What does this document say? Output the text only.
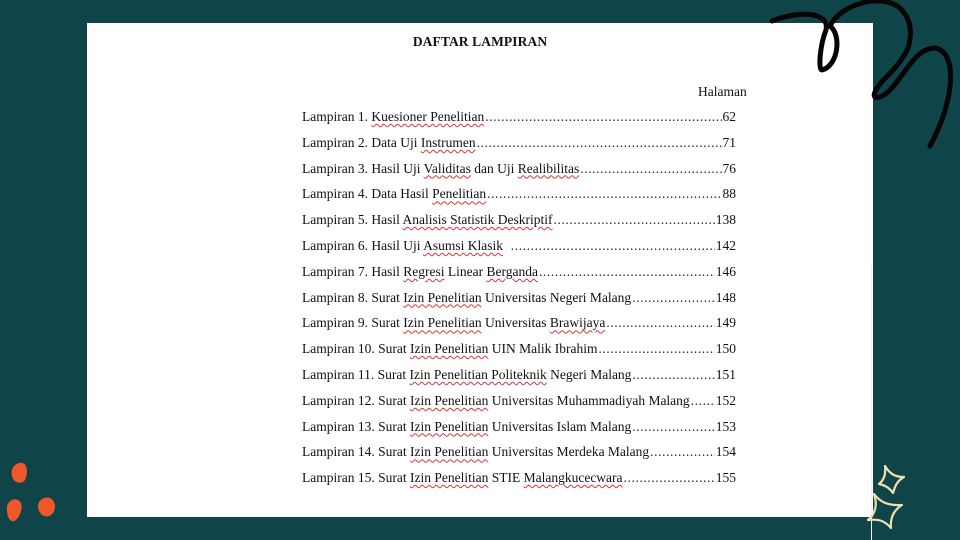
DAFTAR LAMPIRAN
Halaman
Lampiran 1. Kuesioner Penelitian .....	62
Lampiran 2. Data Uji Instrumen .....	71
Lampiran 3. Hasil Uji Validitas dan Uji Realibilitas .....	76
Lampiran 4. Data Hasil Penelitian .....	88
Lampiran 5. Hasil Analisis Statistik Deskriptif .....	138
Lampiran 6. Hasil Uji Asumsi Klasik .....	142
Lampiran 7. Hasil Regresi Linear Berganda .....	146
Lampiran 8. Surat Izin Penelitian Universitas Negeri Malang .....	148
Lampiran 9. Surat Izin Penelitian Universitas Brawijaya .....	149
Lampiran 10. Surat Izin Penelitian UIN Malik Ibrahim .....	150
Lampiran 11. Surat Izin Penelitian Politeknik Negeri Malang .....	151
Lampiran 12. Surat Izin Penelitian Universitas Muhammadiyah Malang ..... 152
Lampiran 13. Surat Izin Penelitian Universitas Islam Malang .....	153
Lampiran 14. Surat Izin Penelitian Universitas Merdeka Malang .....	154
Lampiran 15. Surat Izin Penelitian STIE Malangkucecwara .....	155
